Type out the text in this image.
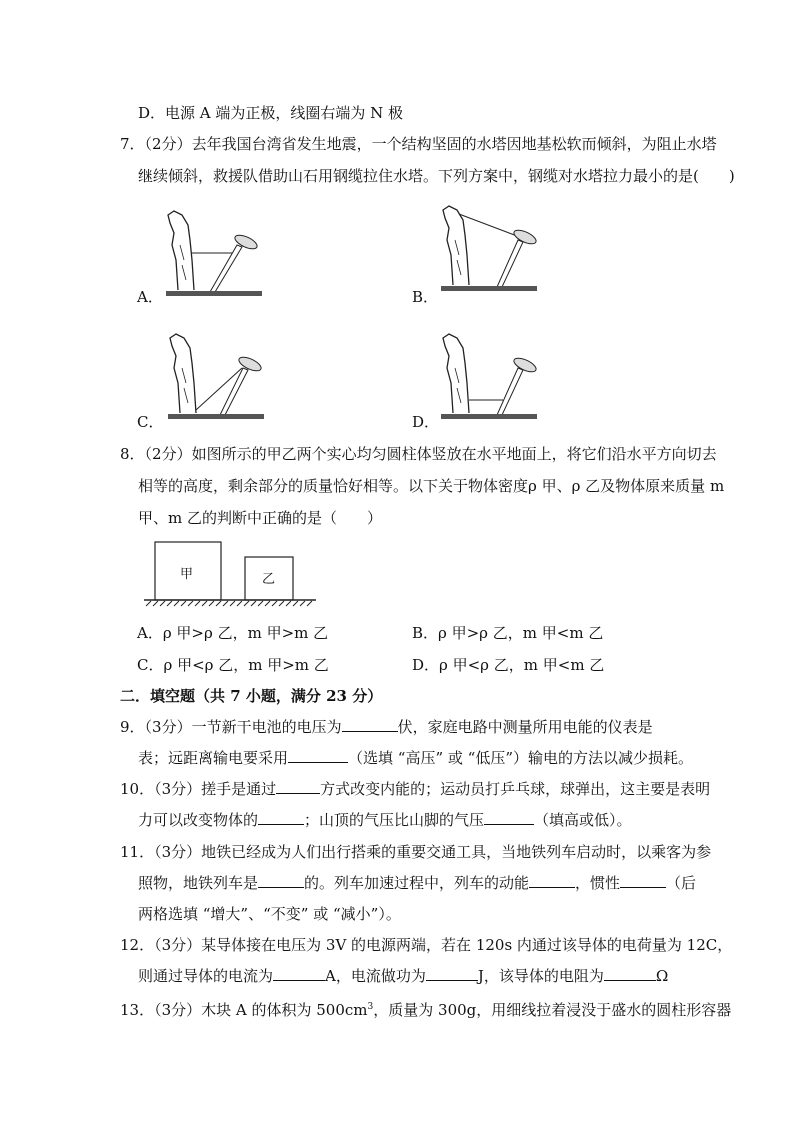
D．电源 A 端为正极，线圈右端为 N 极
7．（2分）去年我国台湾省发生地震，一个结构坚固的水塔因地基松软而倾斜，为阻止水塔
继续倾斜，救援队借助山石用钢缆拉住水塔。下列方案中，钢缆对水塔拉力最小的是(　　)
A．	B．
C．	D．
8．（2分）如图所示的甲乙两个实心均匀圆柱体竖放在水平地面上，将它们沿水平方向切去
相等的高度，剩余部分的质量恰好相等。以下关于物体密度ρ 甲、ρ 乙及物体原来质量 m
甲、m 乙的判断中正确的是（　　）
甲	乙
A．ρ 甲>ρ 乙，m 甲>m 乙	B．ρ 甲>ρ 乙，m 甲<m 乙
C．ρ 甲<ρ 乙，m 甲>m 乙	D．ρ 甲<ρ 乙，m 甲<m 乙
二．填空题（共 7 小题，满分 23 分）
9．（3分）一节新干电池的电压为	伏，家庭电路中测量所用电能的仪表是
表；远距离输电要采用	（选填 “高压” 或 “低压”）输电的方法以减少损耗。
10．（3分）搓手是通过	方式改变内能的；运动员打乒乓球，球弹出，这主要是表明
力可以改变物体的	；山顶的气压比山脚的气压	（填高或低）。
11．（3分）地铁已经成为人们出行搭乘的重要交通工具，当地铁列车启动时，以乘客为参
照物，地铁列车是	的。列车加速过程中，列车的动能	，惯性	（后
两格选填 “增大”、“不变” 或 “减小”）。
12．（3分）某导体接在电压为 3V 的电源两端，若在 120s 内通过该导体的电荷量为 12C，
则通过导体的电流为	A，电流做功为	J，该导体的电阻为	Ω
13．（3分）木块 A 的体积为 $500cm^3$，质量为 300g，用细线拉着浸没于盛水的圆柱形容器
